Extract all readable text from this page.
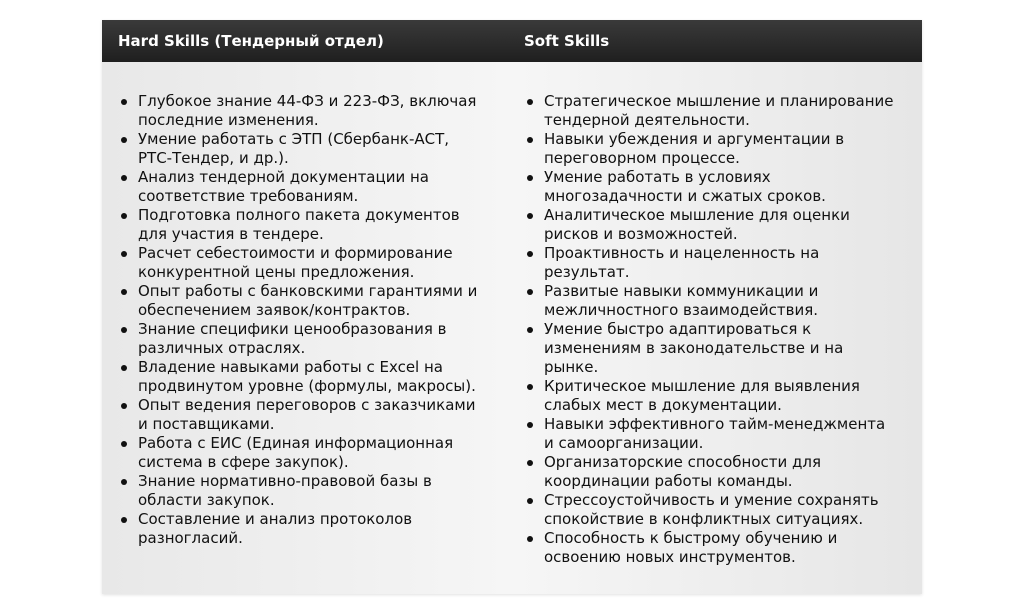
Hard Skills (Тендерный отдел)	Soft Skills
Глубокое знание 44-ФЗ и 223-ФЗ, включая последние изменения.
Умение работать с ЭТП (Сбербанк-АСТ, РТС-Тендер, и др.).
Анализ тендерной документации на соответствие требованиям.
Подготовка полного пакета документов для участия в тендере.
Расчет себестоимости и формирование конкурентной цены предложения.
Опыт работы с банковскими гарантиями и обеспечением заявок/контрактов.
Знание специфики ценообразования в различных отраслях.
Владение навыками работы с Excel на продвинутом уровне (формулы, макросы).
Опыт ведения переговоров с заказчиками и поставщиками.
Работа с ЕИС (Единая информационная система в сфере закупок).
Знание нормативно-правовой базы в области закупок.
Составление и анализ протоколов разногласий.
Стратегическое мышление и планирование тендерной деятельности.
Навыки убеждения и аргументации в переговорном процессе.
Умение работать в условиях многозадачности и сжатых сроков.
Аналитическое мышление для оценки рисков и возможностей.
Проактивность и нацеленность на результат.
Развитые навыки коммуникации и межличностного взаимодействия.
Умение быстро адаптироваться к изменениям в законодательстве и на рынке.
Критическое мышление для выявления слабых мест в документации.
Навыки эффективного тайм-менеджмента и самоорганизации.
Организаторские способности для координации работы команды.
Стрессоустойчивость и умение сохранять спокойствие в конфликтных ситуациях.
Способность к быстрому обучению и освоению новых инструментов.
